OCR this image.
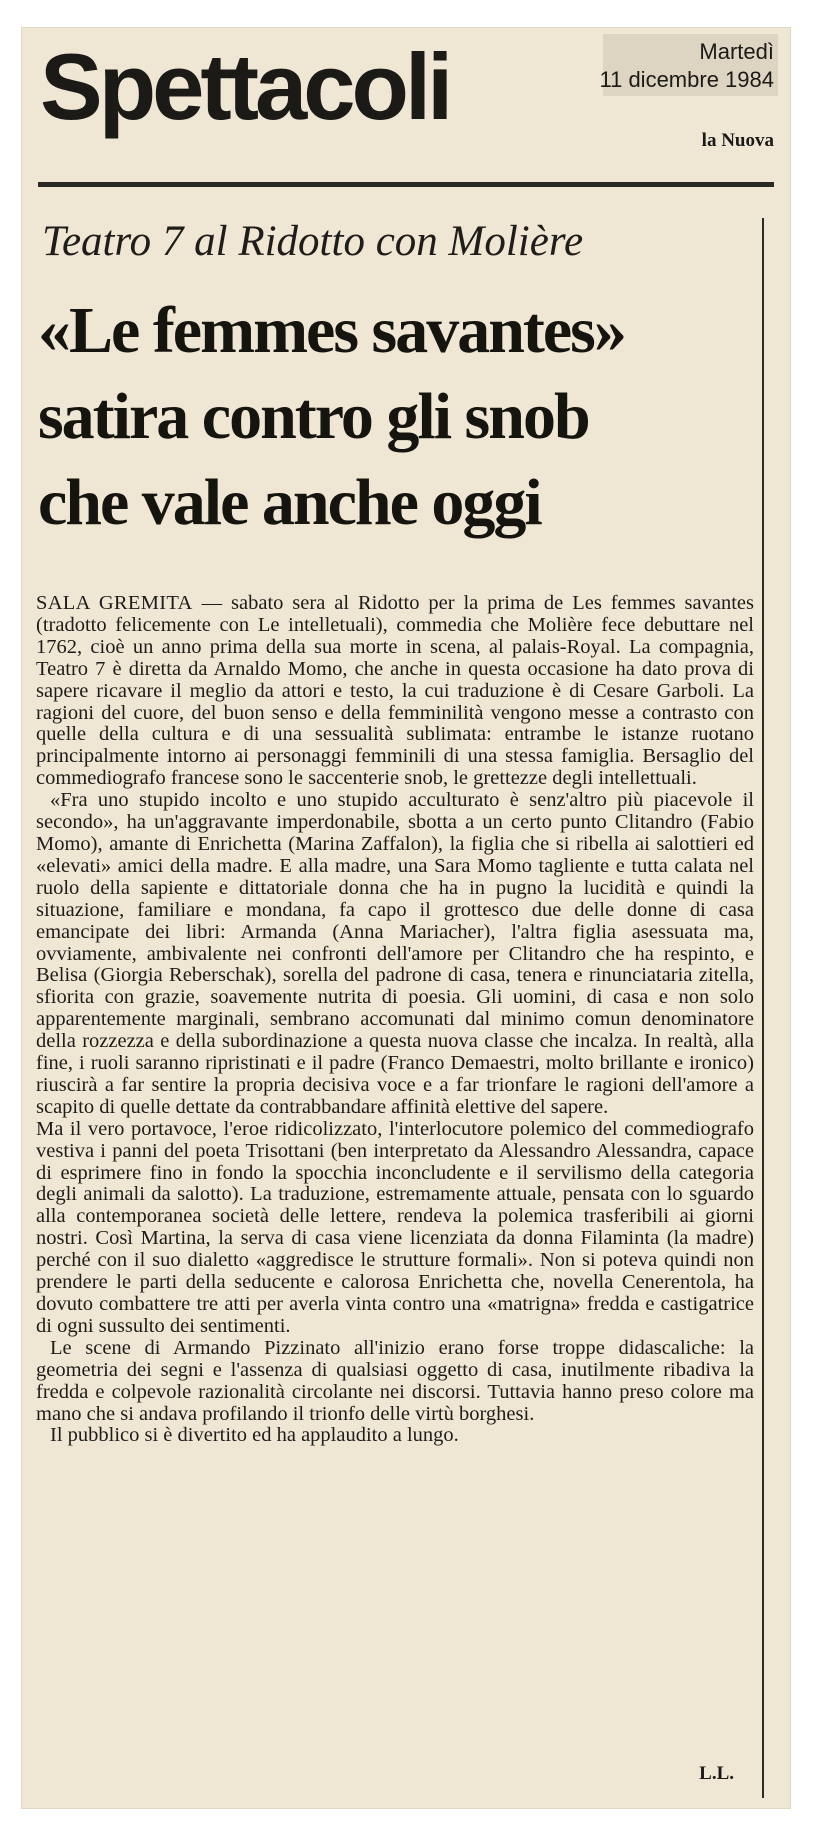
Spettacoli	Martedì
11 dicembre 1984
la Nuova
Teatro 7 al Ridotto con Molière
«Le femmes savantes»
satira contro gli snob
che vale anche oggi

SALA GREMITA — sabato sera al Ridotto per la prima de Les femmes savantes (tradotto felicemente con Le intelletuali), commedia che Molière fece debuttare nel 1762, cioè un anno prima della sua morte in scena, al palais-Royal. La compagnia, Teatro 7 è diretta da Arnaldo Momo, che anche in questa occasione ha dato prova di sapere ricavare il meglio da attori e testo, la cui traduzione è di Cesare Garboli. La ragioni del cuore, del buon senso e della femminilità vengono messe a contrasto con quelle della cultura e di una sessualità sublimata: entrambe le istanze ruotano principalmente intorno ai personaggi femminili di una stessa famiglia. Bersaglio del commediografo francese sono le saccenterie snob, le grettezze degli intellettuali.

«Fra uno stupido incolto e uno stupido acculturato è senz'altro più piacevole il secondo», ha un'aggravante imperdonabile, sbotta a un certo punto Clitandro (Fabio Momo), amante di Enrichetta (Marina Zaffalon), la figlia che si ribella ai salottieri ed «elevati» amici della madre. E alla madre, una Sara Momo tagliente e tutta calata nel ruolo della sapiente e dittatoriale donna che ha in pugno la lucidità e quindi la situazione, familiare e mondana, fa capo il grottesco due delle donne di casa emancipate dei libri: Armanda (Anna Mariacher), l'altra figlia asessuata ma, ovviamente, ambivalente nei confronti dell'amore per Clitandro che ha respinto, e Belisa (Giorgia Reberschak), sorella del padrone di casa, tenera e rinunciataria zitella, sfiorita con grazie, soavemente nutrita di poesia. Gli uomini, di casa e non solo apparentemente marginali, sembrano accomunati dal minimo comun denominatore della rozzezza e della subordinazione a questa nuova classe che incalza. In realtà, alla fine, i ruoli saranno ripristinati e il padre (Franco Demaestri, molto brillante e ironico) riuscirà a far sentire la propria decisiva voce e a far trionfare le ragioni dell'amore a scapito di quelle dettate da contrabbandare affinità elettive del sapere.

Ma il vero portavoce, l'eroe ridicolizzato, l'interlocutore polemico del commediografo vestiva i panni del poeta Trisottani (ben interpretato da Alessandro Alessandra, capace di esprimere fino in fondo la spocchia inconcludente e il servilismo della categoria degli animali da salotto). La traduzione, estremamente attuale, pensata con lo sguardo alla contemporanea società delle lettere, rendeva la polemica trasferibili ai giorni nostri. Così Martina, la serva di casa viene licenziata da donna Filaminta (la madre) perché con il suo dialetto «aggredisce le strutture formali». Non si poteva quindi non prendere le parti della seducente e calorosa Enrichetta che, novella Cenerentola, ha dovuto combattere tre atti per averla vinta contro una «matrigna» fredda e castigatrice di ogni sussulto dei sentimenti.

Le scene di Armando Pizzinato all'inizio erano forse troppe didascaliche: la geometria dei segni e l'assenza di qualsiasi oggetto di casa, inutilmente ribadiva la fredda e colpevole razionalità circolante nei discorsi. Tuttavia hanno preso colore ma mano che si andava profilando il trionfo delle virtù borghesi.

Il pubblico si è divertito ed ha applaudito a lungo.

L.L.
